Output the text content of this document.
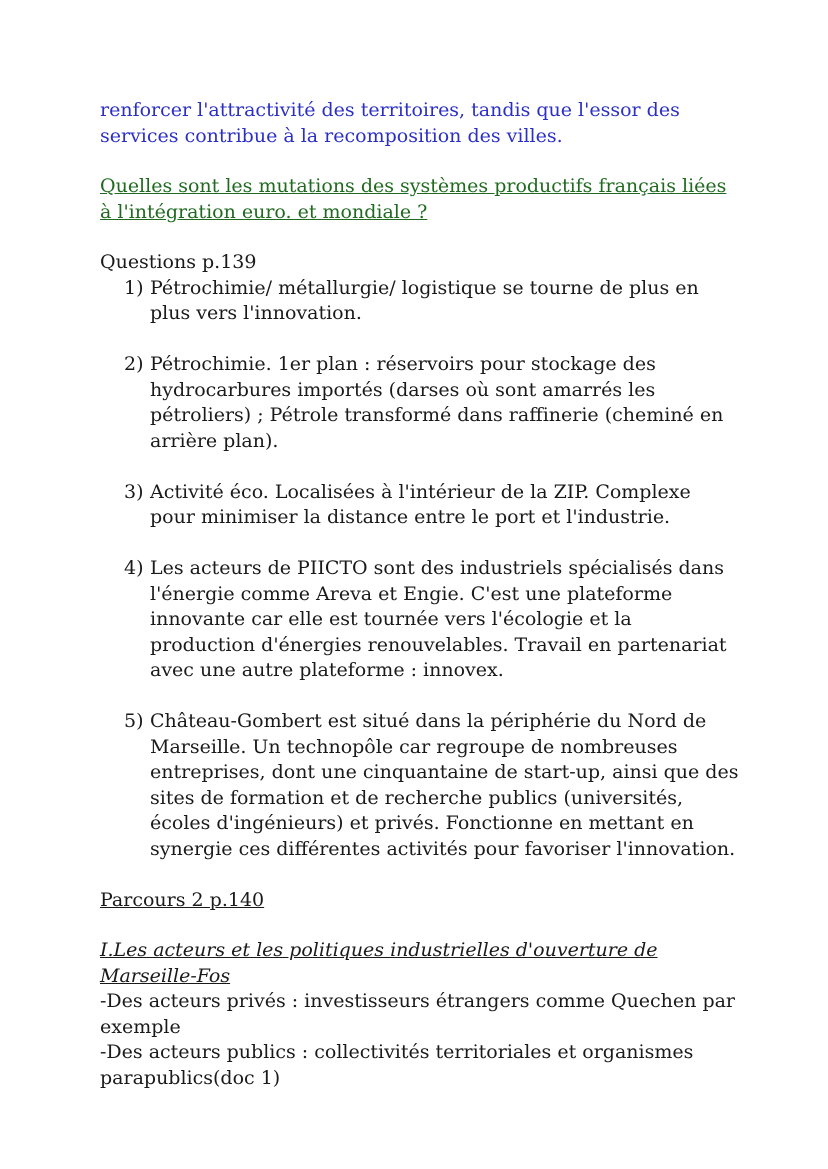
renforcer l'attractivité des territoires, tandis que l'essor des services contribue à la recomposition des villes.

Quelles sont les mutations des systèmes productifs français liées à l'intégration euro. et mondiale ?

Questions p.139

1) Pétrochimie/ métallurgie/ logistique se tourne de plus en plus vers l'innovation.
2) Pétrochimie. 1er plan : réservoirs pour stockage des hydrocarbures importés (darses où sont amarrés les pétroliers) ; Pétrole transformé dans raffinerie (cheminé en arrière plan).
3) Activité éco. Localisées à l'intérieur de la ZIP. Complexe pour minimiser la distance entre le port et l'industrie.
4) Les acteurs de PIICTO sont des industriels spécialisés dans l'énergie comme Areva et Engie. C'est une plateforme innovante car elle est tournée vers l'écologie et la production d'énergies renouvelables. Travail en partenariat avec une autre plateforme : innovex.
5) Château-Gombert est situé dans la périphérie du Nord de Marseille. Un technopôle car regroupe de nombreuses entreprises, dont une cinquantaine de start-up, ainsi que des sites de formation et de recherche publics (universités, écoles d'ingénieurs) et privés. Fonctionne en mettant en synergie ces différentes activités pour favoriser l'innovation.

Parcours 2 p.140

I.Les acteurs et les politiques industrielles d'ouverture de Marseille-Fos

-Des acteurs privés : investisseurs étrangers comme Quechen par exemple

-Des acteurs publics : collectivités territoriales et organismes parapublics(doc 1)
